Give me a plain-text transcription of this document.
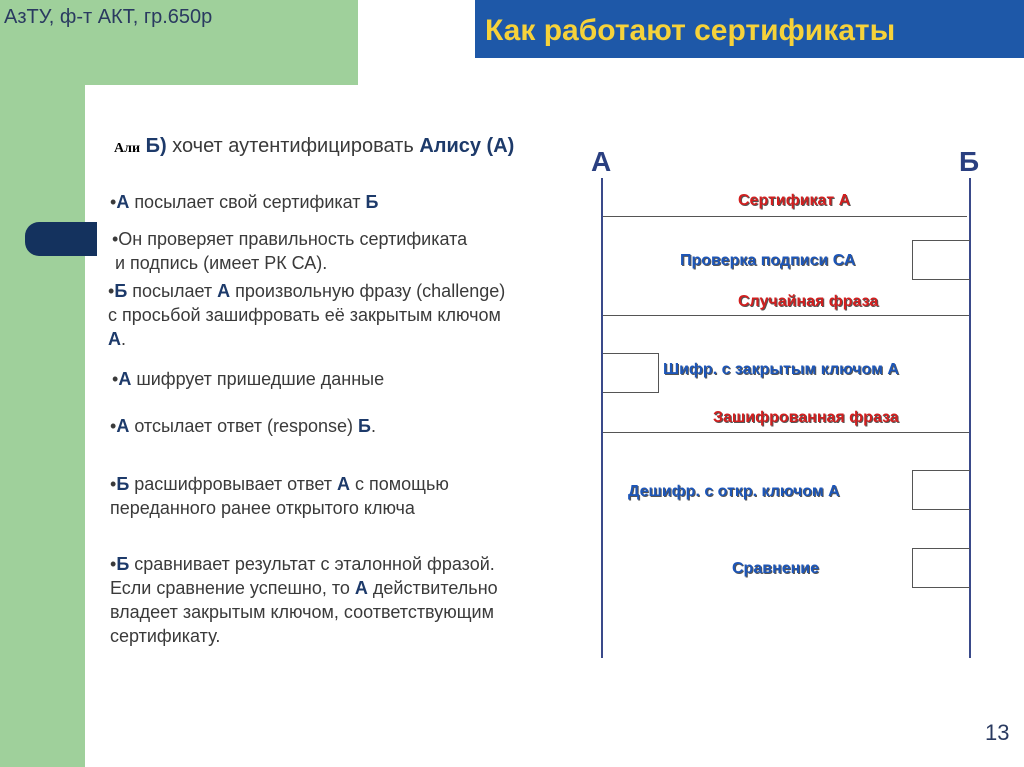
АзТУ, ф-т АКТ, гр.650р	Как работают сертификаты
Али Б) хочет аутентифицировать Алису (А)
•А посылает свой сертификат Б
•Он проверяет правильность сертификата
и подпись (имеет РК СА).
•Б посылает А произвольную фразу (challenge)
с просьбой зашифровать её закрытым ключом
А.
•А шифрует пришедшие данные
•А отсылает ответ (response) Б.
•Б расшифровывает ответ А с помощью
переданного ранее открытого ключа
•Б сравнивает результат с эталонной фразой.
Если сравнение успешно, то А действительно
владеет закрытым ключом, соответствующим
сертификату.
А	Б
Сертификат А
Проверка подписи СА
Случайная фраза
Шифр. с закрытым ключом А
Зашифрованная фраза
Дешифр. с откр. ключом А
Сравнение
13
